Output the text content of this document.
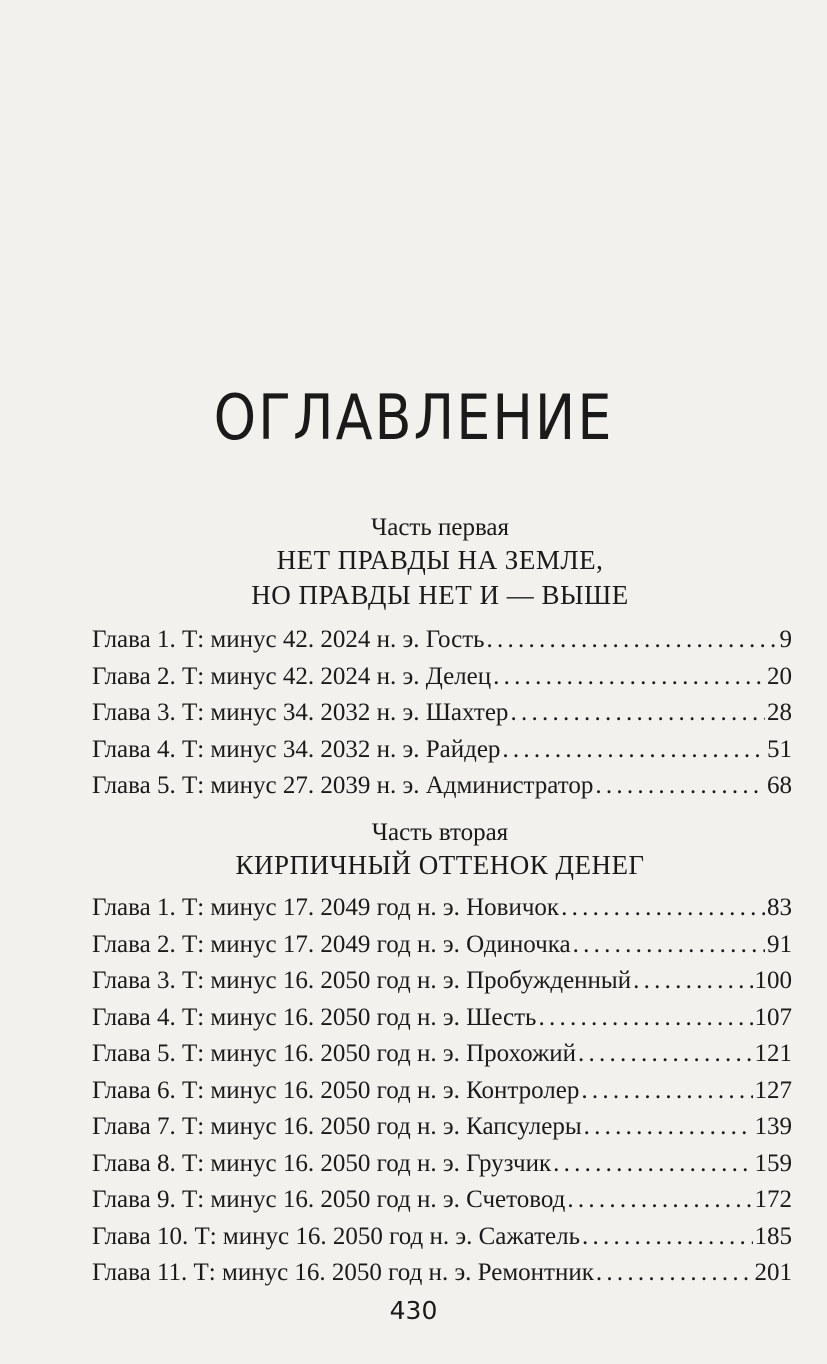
ОГЛАВЛЕНИЕ
Часть первая
НЕТ ПРАВДЫ НА ЗЕМЛЕ,
НО ПРАВДЫ НЕТ И — ВЫШЕ
Глава 1. Т: минус 42. 2024 н. э. Гость . . .	9
Глава 2. Т: минус 42. 2024 н. э. Делец . . .	20
Глава 3. Т: минус 34. 2032 н. э. Шахтер . . .	28
Глава 4. Т: минус 34. 2032 н. э. Райдер . . .	51
Глава 5. Т: минус 27. 2039 н. э. Администратор . . .	68
Часть вторая
КИРПИЧНЫЙ ОТТЕНОК ДЕНЕГ
Глава 1. Т: минус 17. 2049 год н. э. Новичок . . .	83
Глава 2. Т: минус 17. 2049 год н. э. Одиночка . . .	91
Глава 3. Т: минус 16. 2050 год н. э. Пробужденный . . .	100
Глава 4. Т: минус 16. 2050 год н. э. Шесть . . .	107
Глава 5. Т: минус 16. 2050 год н. э. Прохожий . . .	121
Глава 6. Т: минус 16. 2050 год н. э. Контролер . . .	127
Глава 7. Т: минус 16. 2050 год н. э. Капсулеры . . .	139
Глава 8. Т: минус 16. 2050 год н. э. Грузчик . . .	159
Глава 9. Т: минус 16. 2050 год н. э. Счетовод . . .	172
Глава 10. Т: минус 16. 2050 год н. э. Сажатель . . .	185
Глава 11. Т: минус 16. 2050 год н. э. Ремонтник . . .	201
430
